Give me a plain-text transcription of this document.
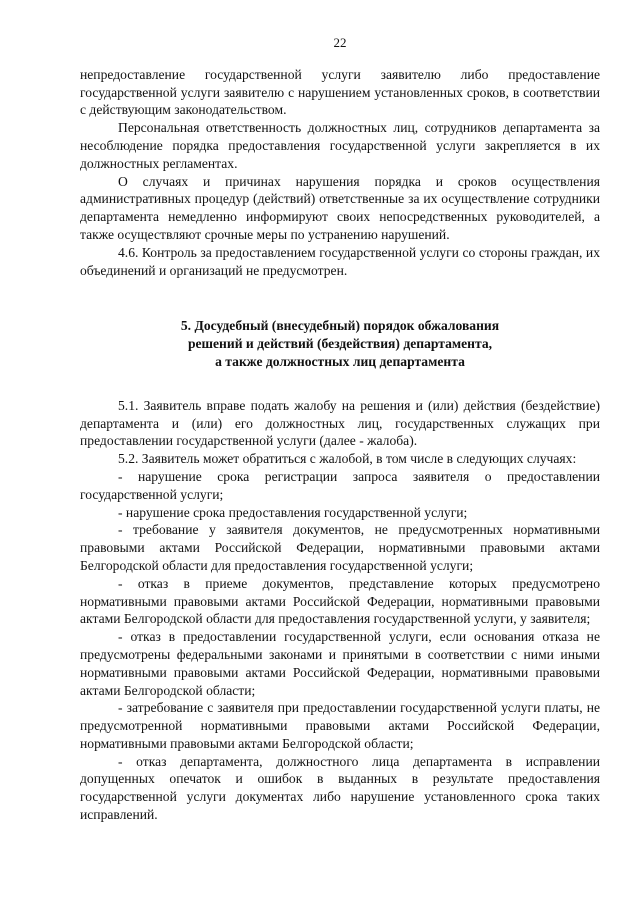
22

непредоставление государственной услуги заявителю либо предоставление государственной услуги заявителю с нарушением установленных сроков, в соответствии с действующим законодательством.

Персональная ответственность должностных лиц, сотрудников департамента за несоблюдение порядка предоставления государственной услуги закрепляется в их должностных регламентах.

О случаях и причинах нарушения порядка и сроков осуществления административных процедур (действий) ответственные за их осуществление сотрудники департамента немедленно информируют своих непосредственных руководителей, а также осуществляют срочные меры по устранению нарушений.

4.6. Контроль за предоставлением государственной услуги со стороны граждан, их объединений и организаций не предусмотрен.

5. Досудебный (внесудебный) порядок обжалования
решений и действий (бездействия) департамента,
а также должностных лиц департамента

5.1. Заявитель вправе подать жалобу на решения и (или) действия (бездействие) департамента и (или) его должностных лиц, государственных служащих при предоставлении государственной услуги (далее - жалоба).

5.2. Заявитель может обратиться с жалобой, в том числе в следующих случаях:

- нарушение срока регистрации запроса заявителя о предоставлении государственной услуги;

- нарушение срока предоставления государственной услуги;

- требование у заявителя документов, не предусмотренных нормативными правовыми актами Российской Федерации, нормативными правовыми актами Белгородской области для предоставления государственной услуги;

- отказ в приеме документов, представление которых предусмотрено нормативными правовыми актами Российской Федерации, нормативными правовыми актами Белгородской области для предоставления государственной услуги, у заявителя;

- отказ в предоставлении государственной услуги, если основания отказа не предусмотрены федеральными законами и принятыми в соответствии с ними иными нормативными правовыми актами Российской Федерации, нормативными правовыми актами Белгородской области;

- затребование с заявителя при предоставлении государственной услуги платы, не предусмотренной нормативными правовыми актами Российской Федерации, нормативными правовыми актами Белгородской области;

- отказ департамента, должностного лица департамента в исправлении допущенных опечаток и ошибок в выданных в результате предоставления государственной услуги документах либо нарушение установленного срока таких исправлений.
